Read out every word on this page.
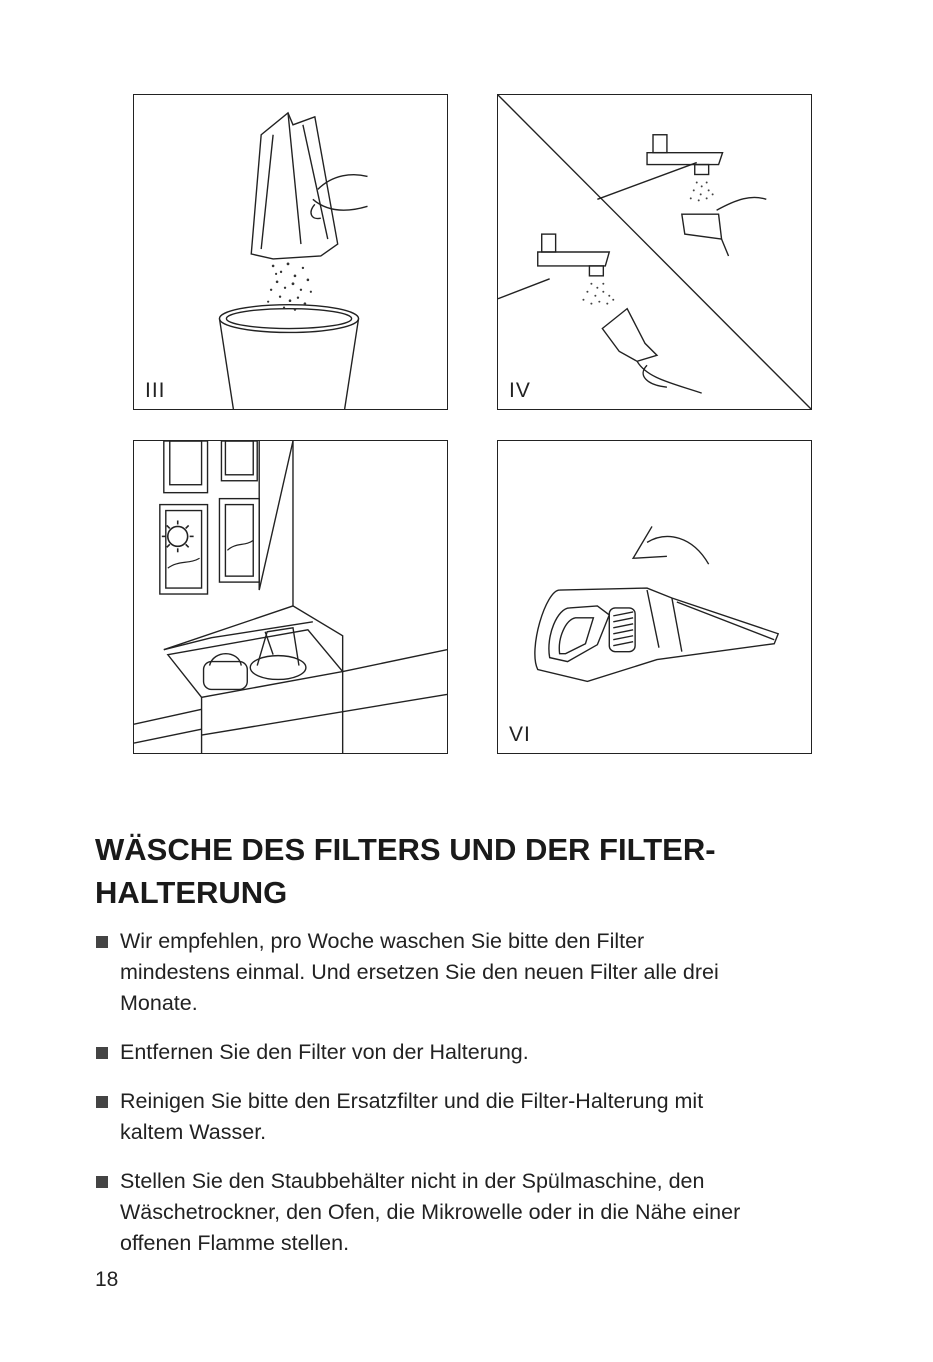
III	IV
VI
WÄSCHE DES FILTERS UND DER FILTER-
HALTERUNG
Wir empfehlen, pro Woche waschen Sie bitte den Filter
mindestens einmal. Und ersetzen Sie den neuen Filter alle drei
Monate.
Entfernen Sie den Filter von der Halterung.
Reinigen Sie bitte den Ersatzfilter und die Filter-Halterung mit
kaltem Wasser.
Stellen Sie den Staubbehälter nicht in der Spülmaschine, den
Wäschetrockner, den Ofen, die Mikrowelle oder in die Nähe einer
offenen Flamme stellen.
18
